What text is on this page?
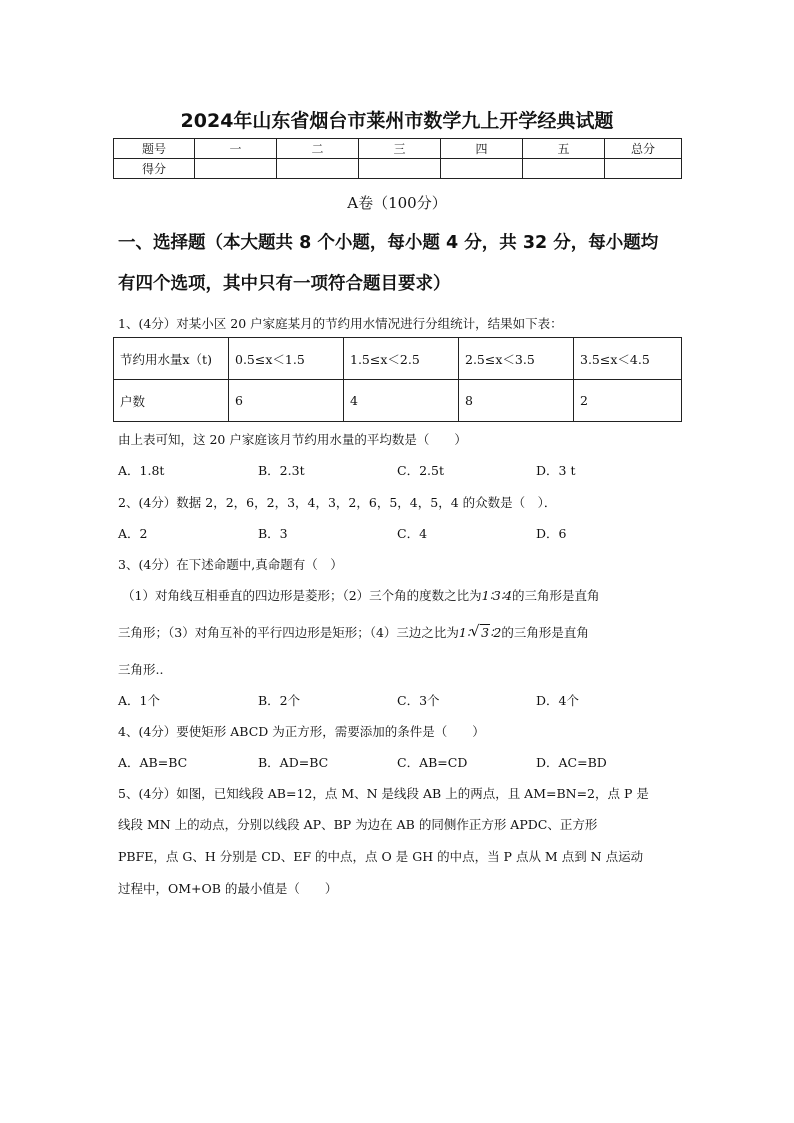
2024年山东省烟台市莱州市数学九上开学经典试题
题号	一	二	三	四	五	总分
得分						
A卷（100分）
一、选择题（本大题共 8 个小题，每小题 4 分，共 32 分，每小题均
有四个选项，其中只有一项符合题目要求）
1、(4分）对某小区 20 户家庭某月的节约用水情况进行分组统计，结果如下表：
节约用水量x（t)	0.5≤x＜1.5	1.5≤x＜2.5	2.5≤x＜3.5	3.5≤x＜4.5
户数	6	4	8	2
由上表可知，这 20 户家庭该月节约用水量的平均数是（　　）
A．1.8t	B．2.3t	C．2.5t	D．3 t
2、(4分）数据 2，2，6，2，3，4，3，2，6，5，4，5，4 的众数是（　）．
A．2	B．3	C．4	D．6
3、(4分）在下述命题中,真命题有（　）
（1）对角线互相垂直的四边形是菱形；（2）三个角的度数之比为1∶3∶4的三角形是直角
三角形；（3）对角互补的平行四边形是矩形；（4）三边之比为1∶ √ 3∶2的三角形是直角
三角形..
A．1个	B．2个	C．3个	D．4个
4、(4分）要使矩形 ABCD 为正方形，需要添加的条件是（　　）
A．AB=BC	B．AD=BC	C．AB=CD	D．AC=BD
5、(4分）如图，已知线段 AB=12，点 M、N 是线段 AB 上的两点，且 AM=BN=2，点 P 是
线段 MN 上的动点，分别以线段 AP、BP 为边在 AB 的同侧作正方形 APDC、正方形
PBFE，点 G、H 分别是 CD、EF 的中点，点 O 是 GH 的中点，当 P 点从 M 点到 N 点运动
过程中，OM+OB 的最小值是（　　）
